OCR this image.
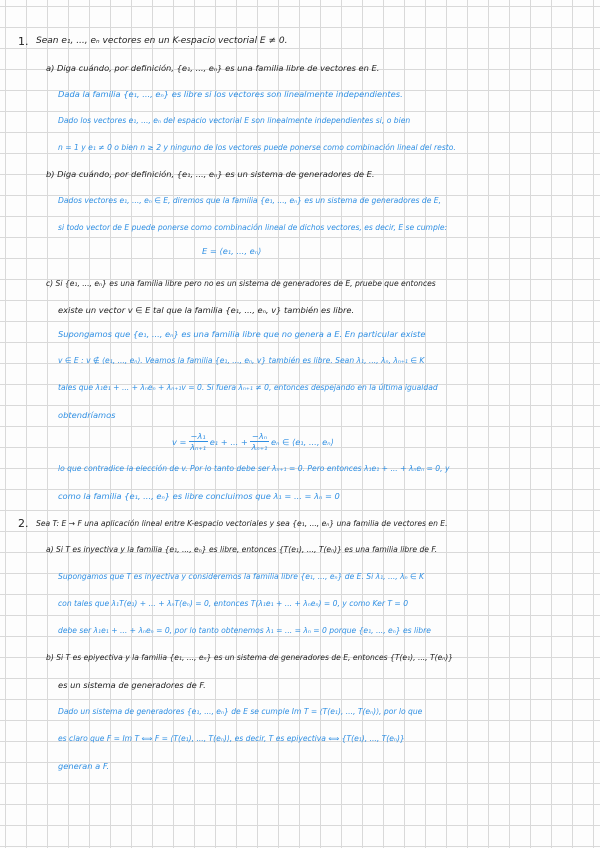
1. Sean e₁, ..., eₙ vectores en un K-espacio vectorial E ≠ 0.
a) Diga cuándo, por definición, {e₁, ..., eₙ} es una familia libre de vectores en E.
Dada la familia {e₁, ..., eₙ} es libre si los vectores son linealmente independientes.
Dado los vectores e₁, ..., eₙ del espacio vectorial E son linealmente independientes si, o bien
n = 1 y e₁ ≠ 0 o bien n ≥ 2 y ninguno de los vectores puede ponerse como combinación lineal del resto.
b) Diga cuándo, por definición, {e₁, ..., eₙ} es un sistema de generadores de E.
Dados vectores e₁, ..., eₙ ∈ E, diremos que la familia {e₁, ..., eₙ} es un sistema de generadores de E,
si todo vector de E puede ponerse como combinación lineal de dichos vectores, es decir, E se cumple:
E = ⟨e₁, ..., eₙ⟩
c) Si {e₁, ..., eₙ} es una familia libre pero no es un sistema de generadores de E, pruebe que entonces
existe un vector v ∈ E tal que la familia {e₁, ..., eₙ, v} también es libre.
Supongamos que {e₁, ..., eₙ} es una familia libre que no genera a E. En particular existe
v ∈ E : v ∉ ⟨e₁, ..., eₙ⟩. Veamos la familia {e₁, ..., eₙ, v} también es libre. Sean λ₁, ..., λₙ, λₙ₊₁ ∈ K
tales que λ₁e₁ + ... + λₙeₙ + λₙ₊₁v = 0. Si fuera λₙ₊₁ ≠ 0, entonces despejando en la última igualdad
obtendríamos
$v = \frac{\text{−λ₁}}{\text{λₙ₊₁}} e_1$ + ... + $\frac{\text{−λₙ}}{\text{λₙ₊₁}}$ eₙ ∈ ⟨e₁, ..., eₙ⟩
lo que contradice la elección de v. Por lo tanto debe ser λₙ₊₁ = 0. Pero entonces λ₁e₁ + ... + λₙeₙ = 0, y
como la familia {e₁, ..., eₙ} es libre concluimos que λ₁ = ... = λₙ = 0
2. Sea T: E → F una aplicación lineal entre K-espacio vectoriales y sea {e₁, ..., eₙ} una familia de vectores en E.
a) Si T es inyectiva y la familia {e₁, ..., eₙ} es libre, entonces {T(e₁), ..., T(eₙ)} es una familia libre de F.
Supongamos que T es inyectiva y consideremos la familia libre {e₁, ..., eₙ} de E. Si λ₁, ..., λₙ ∈ K
con tales que λ₁T(e₁) + ... + λₙT(eₙ) = 0, entonces T(λ₁e₁ + ... + λₙeₙ) = 0, y como Ker T = 0
debe ser λ₁e₁ + ... + λₙeₙ = 0, por lo tanto obtenemos λ₁ = ... = λₙ = 0 porque {e₁, ..., eₙ} es libre
b) Si T es epiyectiva y la familia {e₁, ..., eₙ} es un sistema de generadores de E, entonces {T(e₁), ..., T(eₙ)}
es un sistema de generadores de F.
Dado un sistema de generadores {e₁, ..., eₙ} de E se cumple Im T = ⟨T(e₁), ..., T(eₙ)⟩, por lo que
es claro que F = Im T ⟺ F = ⟨T(e₁), ..., T(eₙ)⟩, es decir, T es epiyectiva ⟺ {T(e₁), ..., T(eₙ)}
generan a F.
